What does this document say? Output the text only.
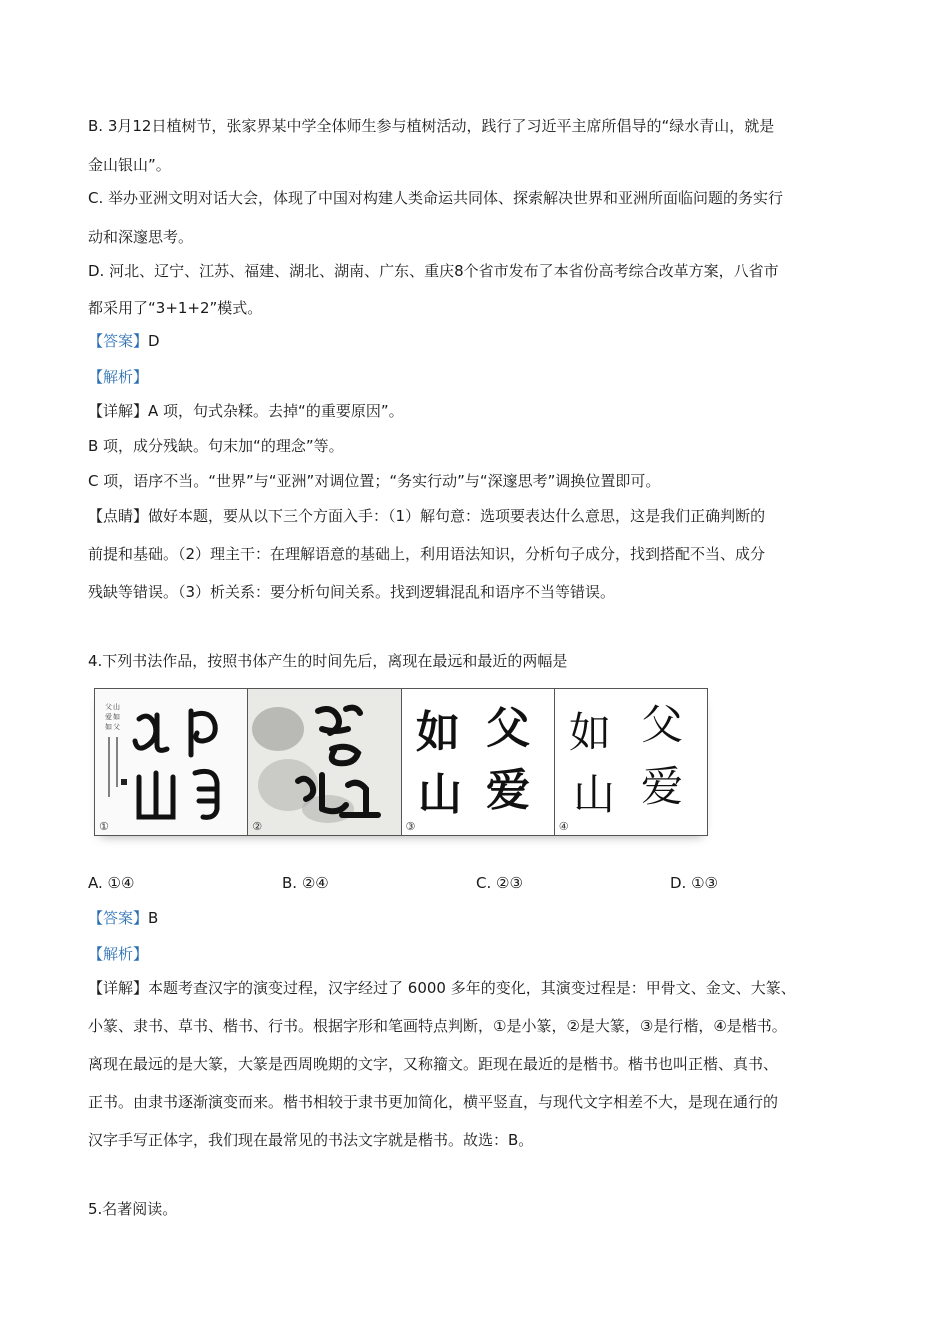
B. 3月12日植树节，张家界某中学全体师生参与植树活动，践行了习近平主席所倡导的“绿水青山，就是
金山银山”。
C. 举办亚洲文明对话大会，体现了中国对构建人类命运共同体、探索解决世界和亚洲所面临问题的务实行
动和深邃思考。
D. 河北、辽宁、江苏、福建、湖北、湖南、广东、重庆8个省市发布了本省份高考综合改革方案，八省市
都采用了“3+1+2”模式。
【答案】D
【解析】
【详解】A 项，句式杂糅。去掉“的重要原因”。
B 项，成分残缺。句末加“的理念”等。
C 项，语序不当。“世界”与“亚洲”对调位置；“务实行动”与“深邃思考”调换位置即可。
【点睛】做好本题，要从以下三个方面入手：（1）解句意：选项要表达什么意思，这是我们正确判断的
前提和基础。（2）理主干：在理解语意的基础上，利用语法知识，分析句子成分，找到搭配不当、成分
残缺等错误。（3）析关系：要分析句间关系。找到逻辑混乱和语序不当等错误。
4.下列书法作品，按照书体产生的时间先后，离现在最远和最近的两幅是
父
爱
如
山
如
父
①	②
如 父
山 爱
③
如 父
山 爱
④
A. ①④	B. ②④	C. ②③	D. ①③
【答案】B
【解析】
【详解】本题考查汉字的演变过程，汉字经过了 6000 多年的变化，其演变过程是：甲骨文、金文、大篆、
小篆、隶书、草书、楷书、行书。根据字形和笔画特点判断，①是小篆，②是大篆，③是行楷，④是楷书。
离现在最远的是大篆，大篆是西周晚期的文字，又称籀文。距现在最近的是楷书。楷书也叫正楷、真书、
正书。由隶书逐渐演变而来。楷书相较于隶书更加简化，横平竖直，与现代文字相差不大，是现在通行的
汉字手写正体字，我们现在最常见的书法文字就是楷书。故选：B。
5.名著阅读。
